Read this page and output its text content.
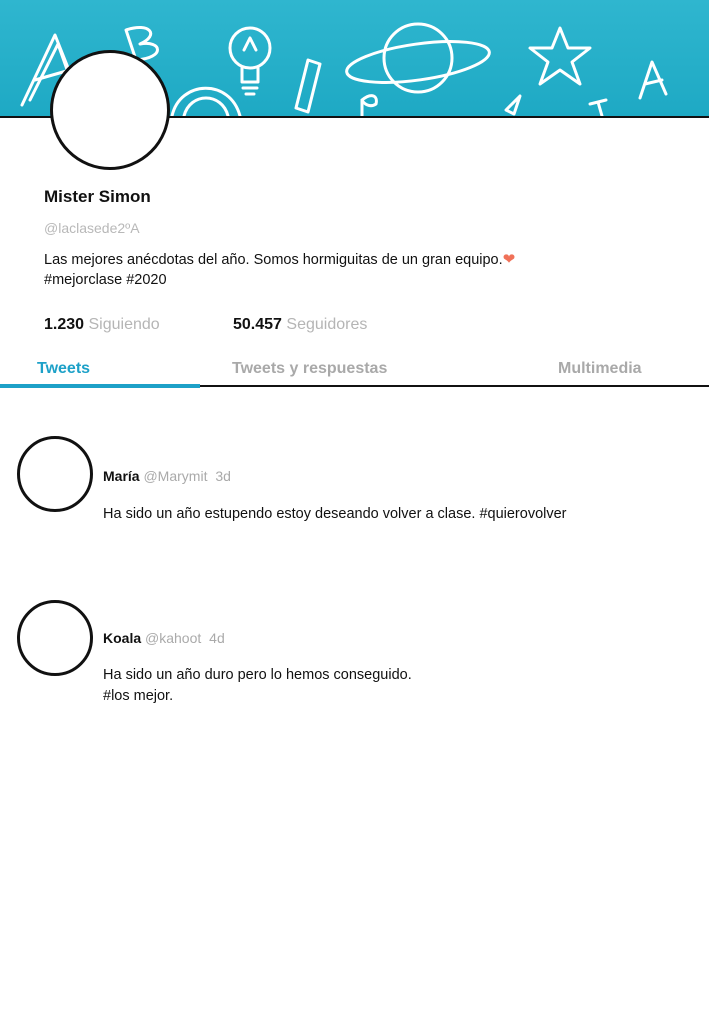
Mister Simon
@laclasede2ºA
Las mejores anécdotas del año. Somos hormiguitas de un gran equipo.❤
#mejorclase #2020
1.230 Siguiendo	50.457 Seguidores
Tweets	Tweets y respuestas	Multimedia
María @Marymit 3d
Ha sido un año estupendo estoy deseando volver a clase. #quierovolver
Koala @kahoot 4d
Ha sido un año duro pero lo hemos conseguido.
#los mejor.
